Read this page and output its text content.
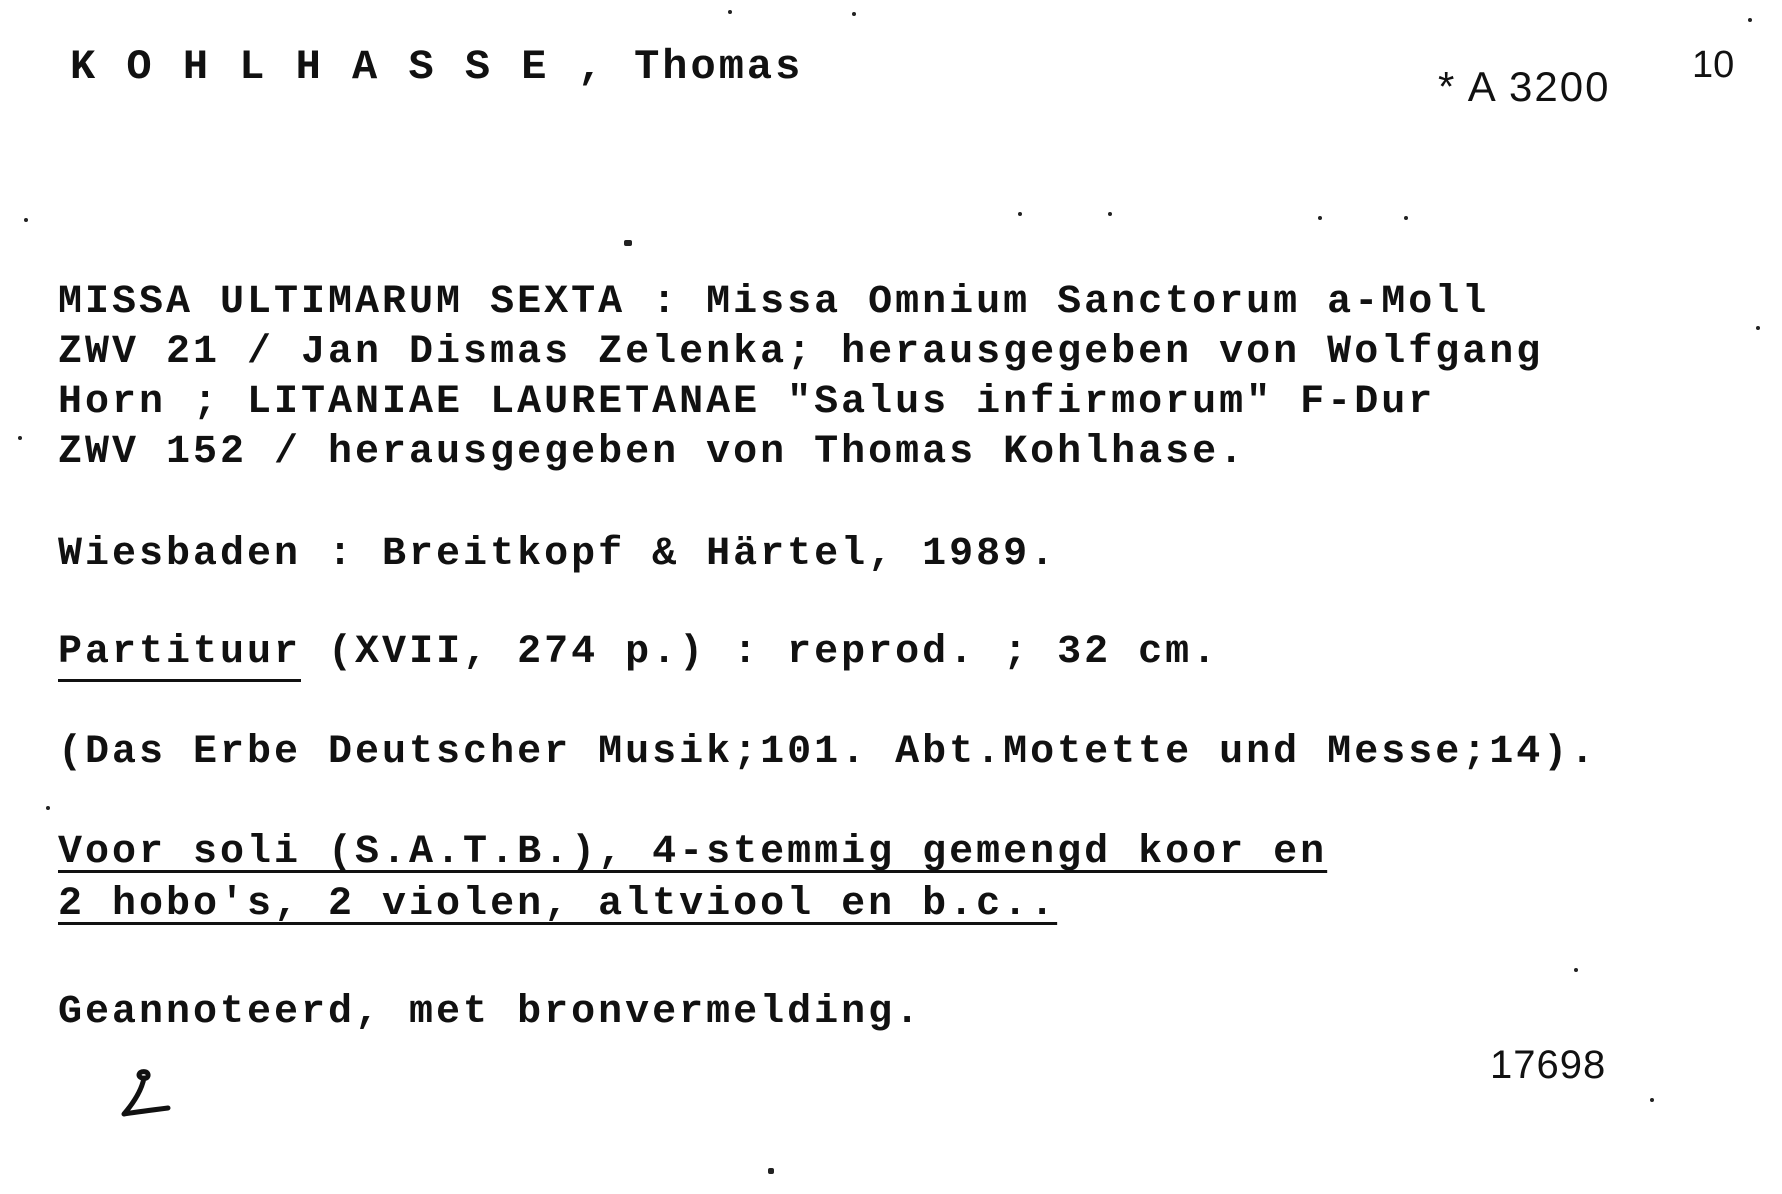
K O H L H A S S E , Thomas	* A 3200 10
MISSA ULTIMARUM SEXTA : Missa Omnium Sanctorum a-Moll
ZWV 21 / Jan Dismas Zelenka; herausgegeben von Wolfgang
Horn ; LITANIAE LAURETANAE "Salus infirmorum" F-Dur
ZWV 152 / herausgegeben von Thomas Kohlhase.
Wiesbaden : Breitkopf & Härtel, 1989.
Partituur (XVII, 274 p.) : reprod. ; 32 cm.
(Das Erbe Deutscher Musik;101. Abt.Motette und Messe;14).
Voor soli (S.A.T.B.), 4-stemmig gemengd koor en
2 hobo's, 2 violen, altviool en b.c..
Geannoteerd, met bronvermelding.
17698
